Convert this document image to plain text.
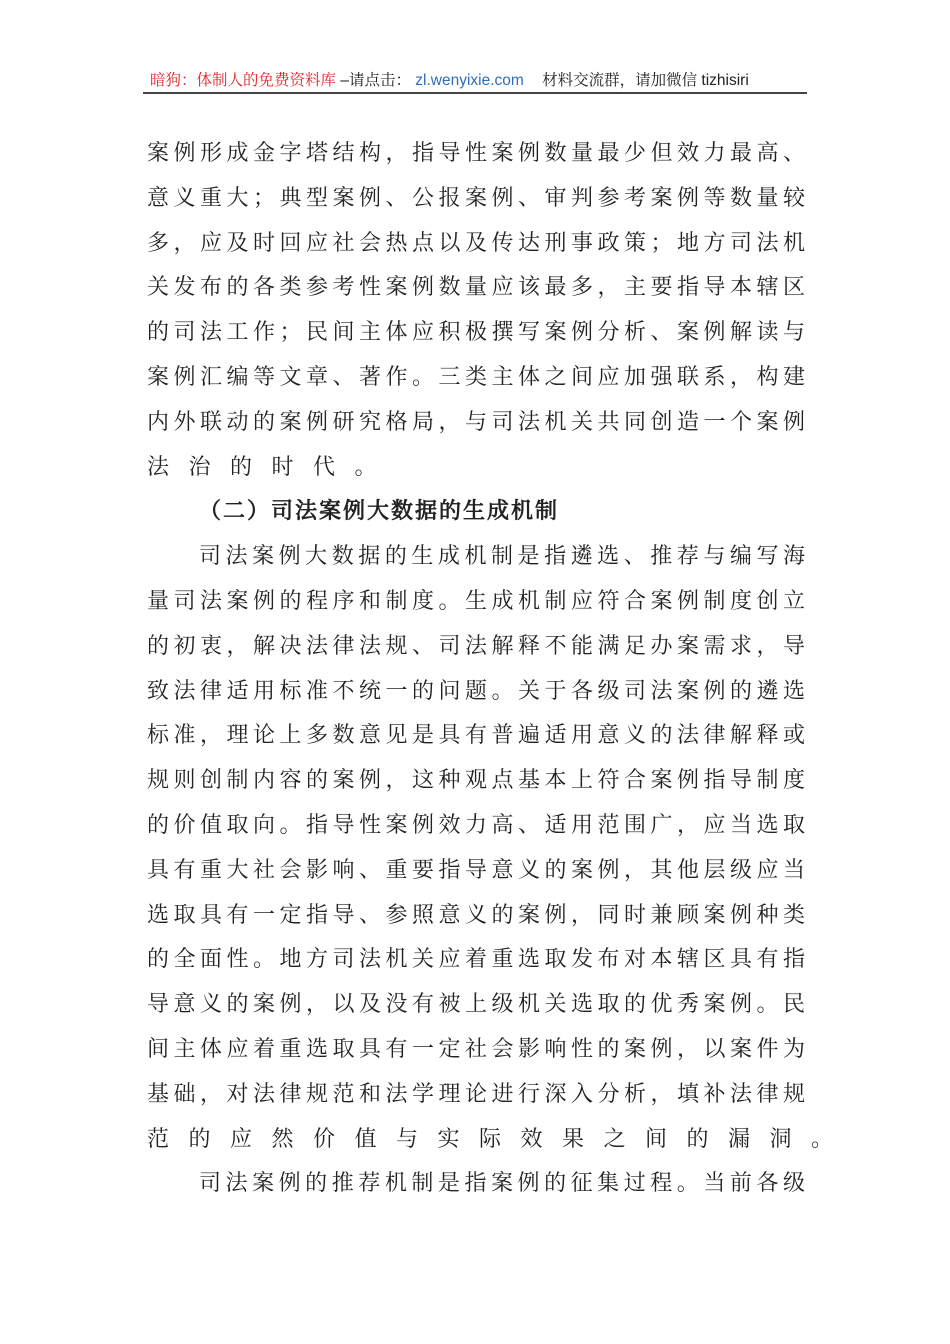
暗狗：体制人的免费资料库 –请点击： zl.wenyixie.com 材料交流群，请加微信 tizhisiri
案例形成金字塔结构，指导性案例数量最少但效力最高、
意义重大；典型案例、公报案例、审判参考案例等数量较
多，应及时回应社会热点以及传达刑事政策；地方司法机
关发布的各类参考性案例数量应该最多，主要指导本辖区
的司法工作；民间主体应积极撰写案例分析、案例解读与
案例汇编等文章、著作。三类主体之间应加强联系，构建
内外联动的案例研究格局，与司法机关共同创造一个案例
法治的时代。
（二）司法案例大数据的生成机制
司法案例大数据的生成机制是指遴选、推荐与编写海
量司法案例的程序和制度。生成机制应符合案例制度创立
的初衷，解决法律法规、司法解释不能满足办案需求，导
致法律适用标准不统一的问题。关于各级司法案例的遴选
标准，理论上多数意见是具有普遍适用意义的法律解释或
规则创制内容的案例，这种观点基本上符合案例指导制度
的价值取向。指导性案例效力高、适用范围广，应当选取
具有重大社会影响、重要指导意义的案例，其他层级应当
选取具有一定指导、参照意义的案例，同时兼顾案例种类
的全面性。地方司法机关应着重选取发布对本辖区具有指
导意义的案例，以及没有被上级机关选取的优秀案例。民
间主体应着重选取具有一定社会影响性的案例，以案件为
基础，对法律规范和法学理论进行深入分析，填补法律规
范的应然价值与实际效果之间的漏洞。
司法案例的推荐机制是指案例的征集过程。当前各级
